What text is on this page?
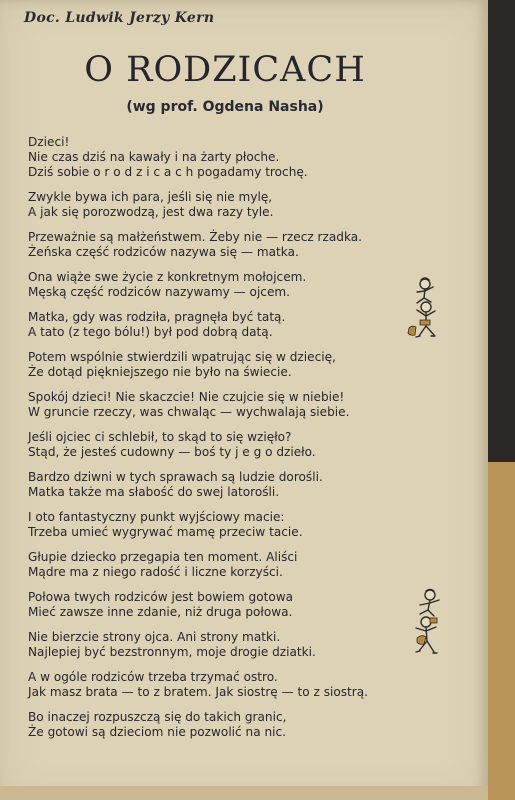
Doc. Ludwik Jerzy Kern
O RODZICACH
(wg prof. Ogdena Nasha)
Dzieci!
Nie czas dziś na kawały i na żarty płoche.
Dziś sobie o r o d z i c a c h pogadamy trochę.
Zwykle bywa ich para, jeśli się nie mylę,
A jak się porozwodzą, jest dwa razy tyle.
Przeważnie są małżeństwem. Żeby nie — rzecz rzadka.
Żeńska część rodziców nazywa się — matka.
Ona wiąże swe życie z konkretnym mołojcem.
Męską część rodziców nazywamy — ojcem.
Matka, gdy was rodziła, pragnęła być tatą.
A tato (z tego bólu!) był pod dobrą datą.
Potem wspólnie stwierdzili wpatrując się w dziecię,
Że dotąd piękniejszego nie było na świecie.
Spokój dzieci! Nie skaczcie! Nie czujcie się w niebie!
W gruncie rzeczy, was chwaląc — wychwalają siebie.
Jeśli ojciec ci schlebił, to skąd to się wzięło?
Stąd, że jesteś cudowny — boś ty j e g o dzieło.
Bardzo dziwni w tych sprawach są ludzie dorośli.
Matka także ma słabość do swej latorośli.
I oto fantastyczny punkt wyjściowy macie:
Trzeba umieć wygrywać mamę przeciw tacie.
Głupie dziecko przegapia ten moment. Aliści
Mądre ma z niego radość i liczne korzyści.
Połowa twych rodziców jest bowiem gotowa
Mieć zawsze inne zdanie, niż druga połowa.
Nie bierzcie strony ojca. Ani strony matki.
Najlepiej być bezstronnym, moje drogie dziatki.
A w ogóle rodziców trzeba trzymać ostro.
Jak masz brata — to z bratem. Jak siostrę — to z siostrą.
Bo inaczej rozpuszczą się do takich granic,
Że gotowi są dzieciom nie pozwolić na nic.
